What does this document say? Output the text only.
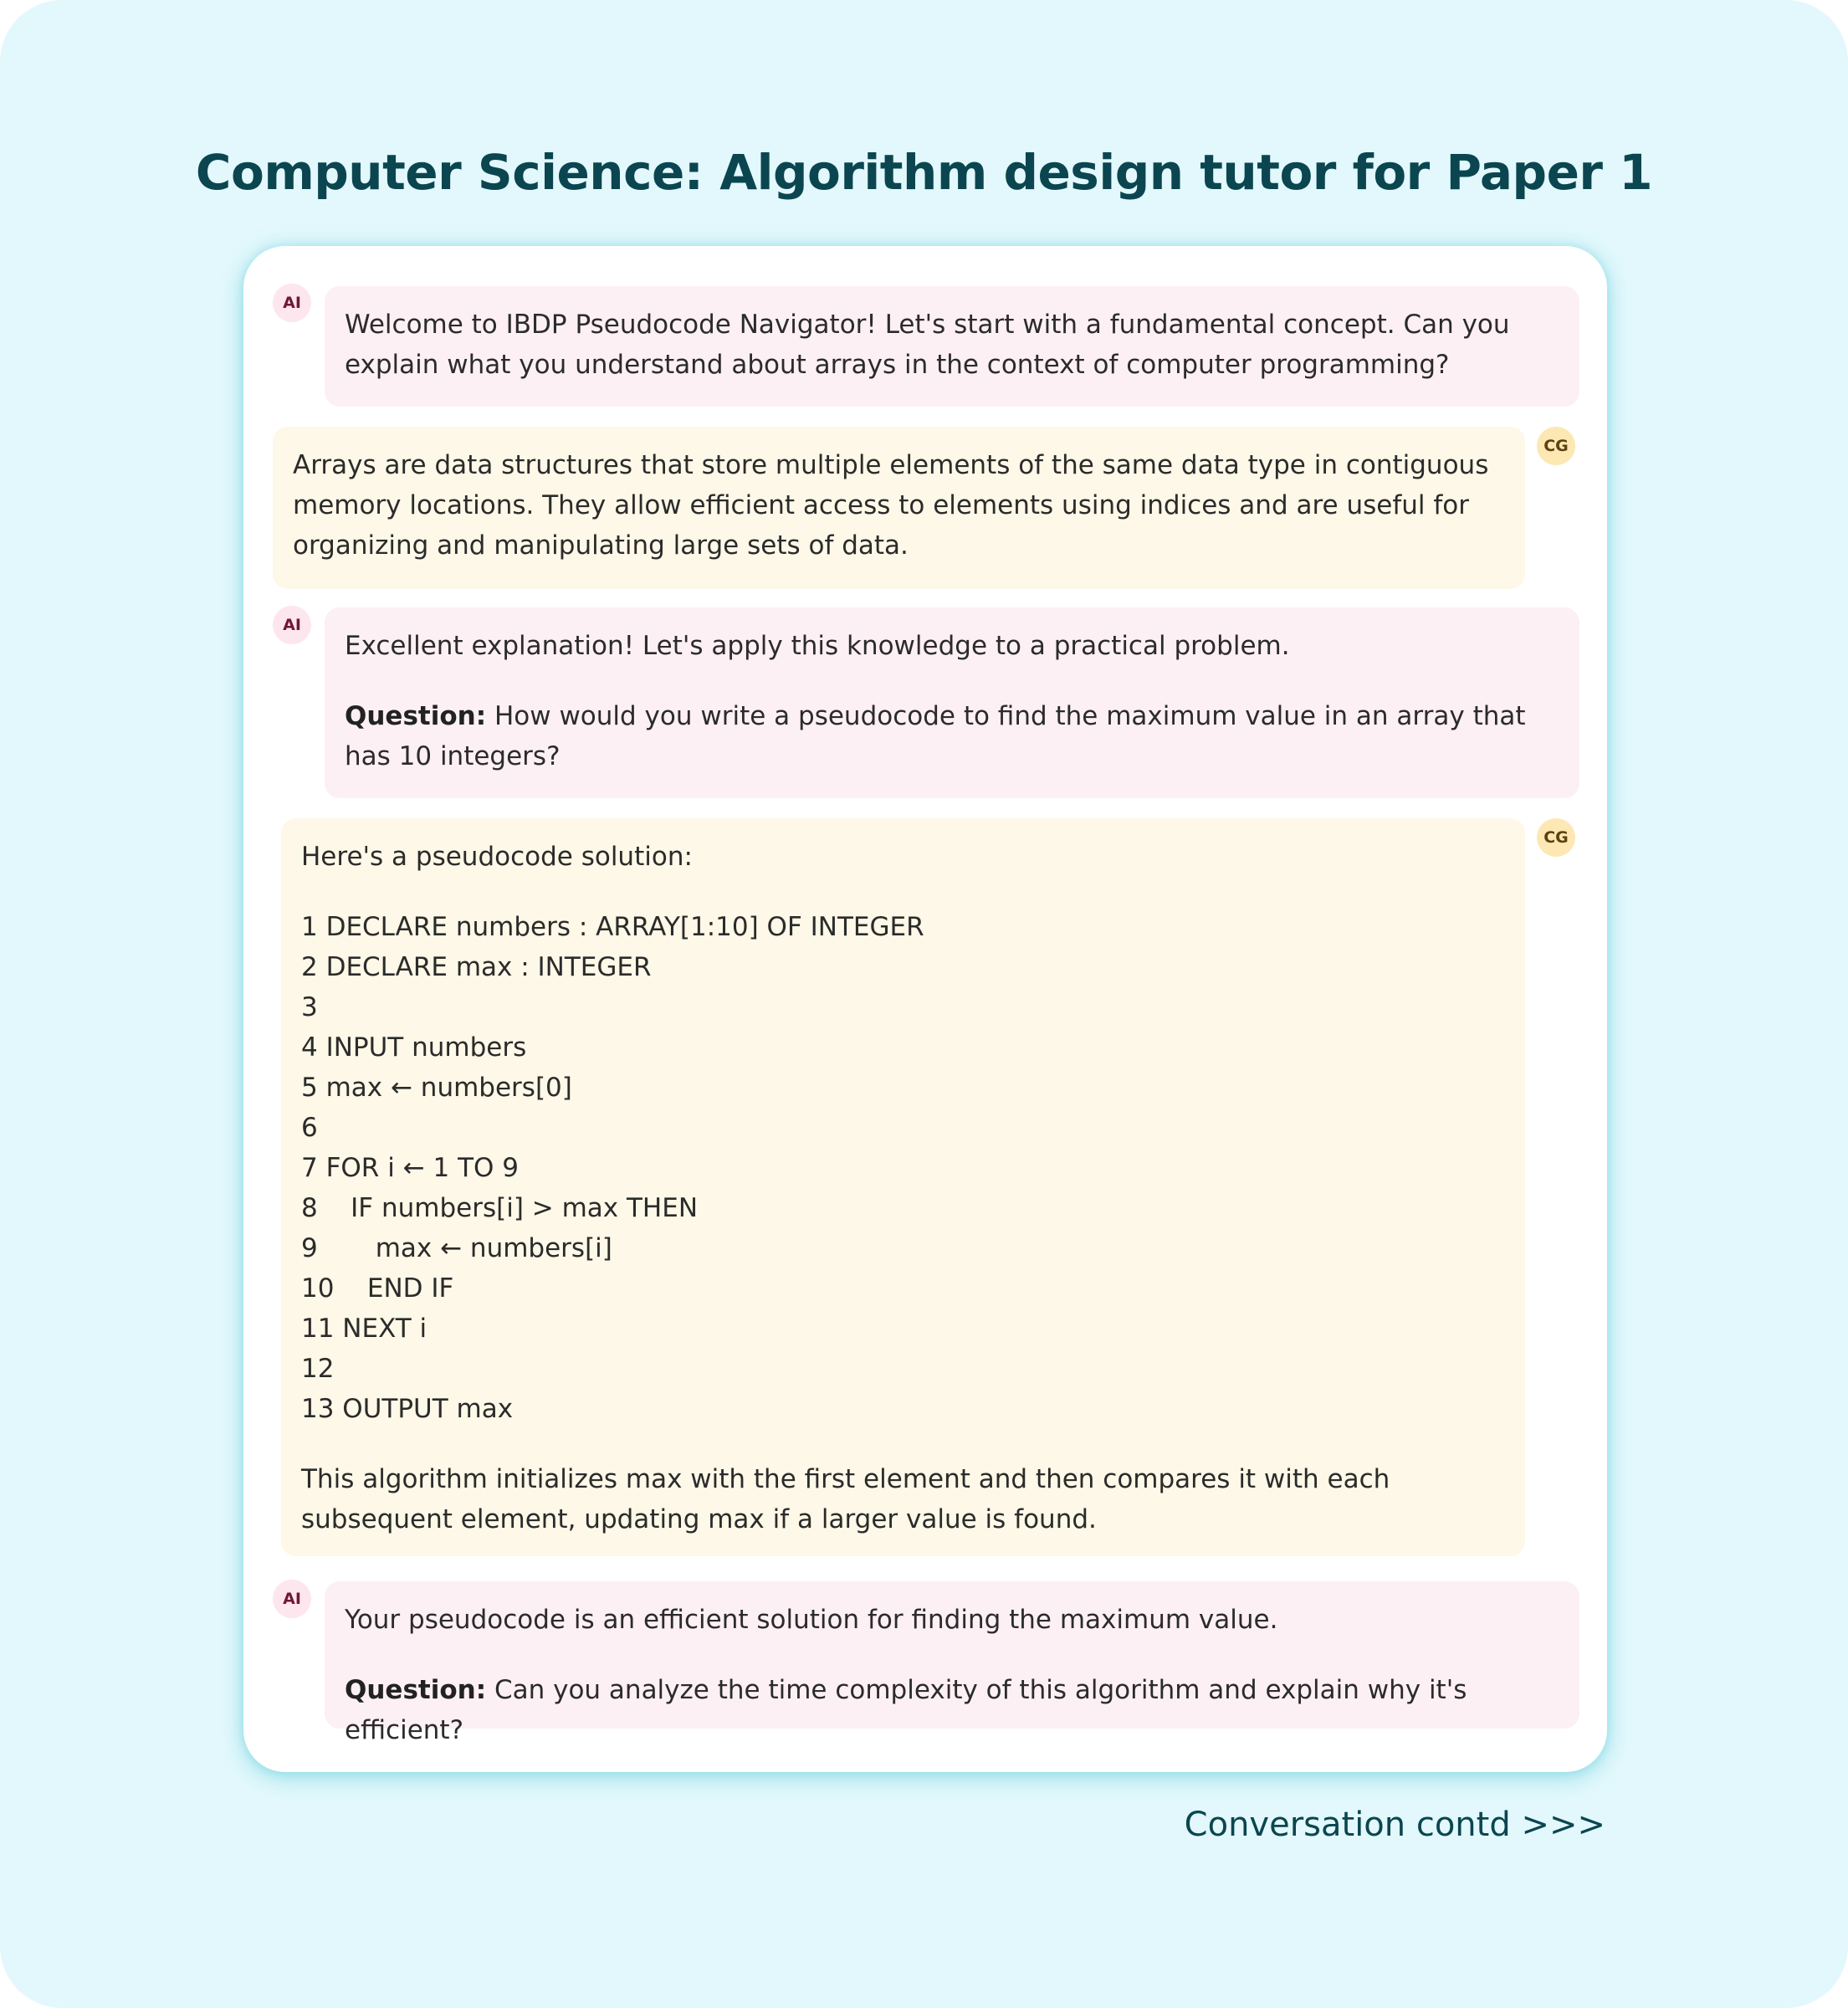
Computer Science: Algorithm design tutor for Paper 1
AI

Welcome to IBDP Pseudocode Navigator! Let's start with a fundamental concept. Can you explain what you understand about arrays in the context of computer programming?

CG

Arrays are data structures that store multiple elements of the same data type in contiguous memory locations. They allow efficient access to elements using indices and are useful for organizing and manipulating large sets of data.

AI

Excellent explanation! Let's apply this knowledge to a practical problem.

Question: How would you write a pseudocode to find the maximum value in an array that has 10 integers?

CG

Here's a pseudocode solution:

1 DECLARE numbers : ARRAY[1:10] OF INTEGER
2 DECLARE max : INTEGER
3
4 INPUT numbers
5 max ← numbers[0]
6
7 FOR i ← 1 TO 9
8    IF numbers[i] > max THEN
9       max ← numbers[i]
10    END IF
11 NEXT i
12
13 OUTPUT max

This algorithm initializes max with the first element and then compares it with each subsequent element, updating max if a larger value is found.

AI

Your pseudocode is an efficient solution for finding the maximum value.

Question: Can you analyze the time complexity of this algorithm and explain why it's efficient?

Conversation contd >>>
